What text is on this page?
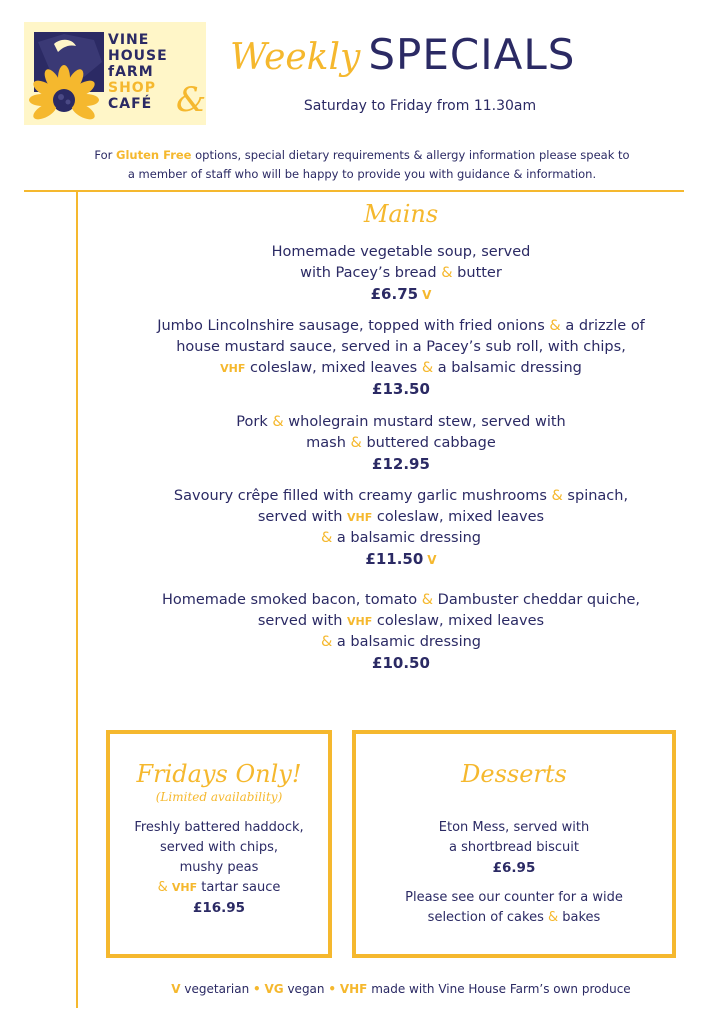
VINE
HOUSE
fARM
SHOP
CAFÉ &
Weekly SPECIALS
Saturday to Friday from 11.30am
For Gluten Free options, special dietary requirements & allergy information please speak to
a member of staff who will be happy to provide you with guidance & information.
Mains
Homemade vegetable soup, served
with Pacey’s bread & butter
£6.75 V
Jumbo Lincolnshire sausage, topped with fried onions & a drizzle of
house mustard sauce, served in a Pacey’s sub roll, with chips,
VHF coleslaw, mixed leaves & a balsamic dressing
£13.50
Pork & wholegrain mustard stew, served with
mash & buttered cabbage
£12.95
Savoury crêpe filled with creamy garlic mushrooms & spinach,
served with VHF coleslaw, mixed leaves
& a balsamic dressing
£11.50 V
Homemade smoked bacon, tomato & Dambuster cheddar quiche,
served with VHF coleslaw, mixed leaves
& a balsamic dressing
£10.50
Fridays Only!
(Limited availability)
Freshly battered haddock,
served with chips,
mushy peas
& VHF tartar sauce
£16.95
Desserts
Eton Mess, served with
a shortbread biscuit
£6.95
Please see our counter for a wide
selection of cakes & bakes
V vegetarian • VG vegan • VHF made with Vine House Farm’s own produce
